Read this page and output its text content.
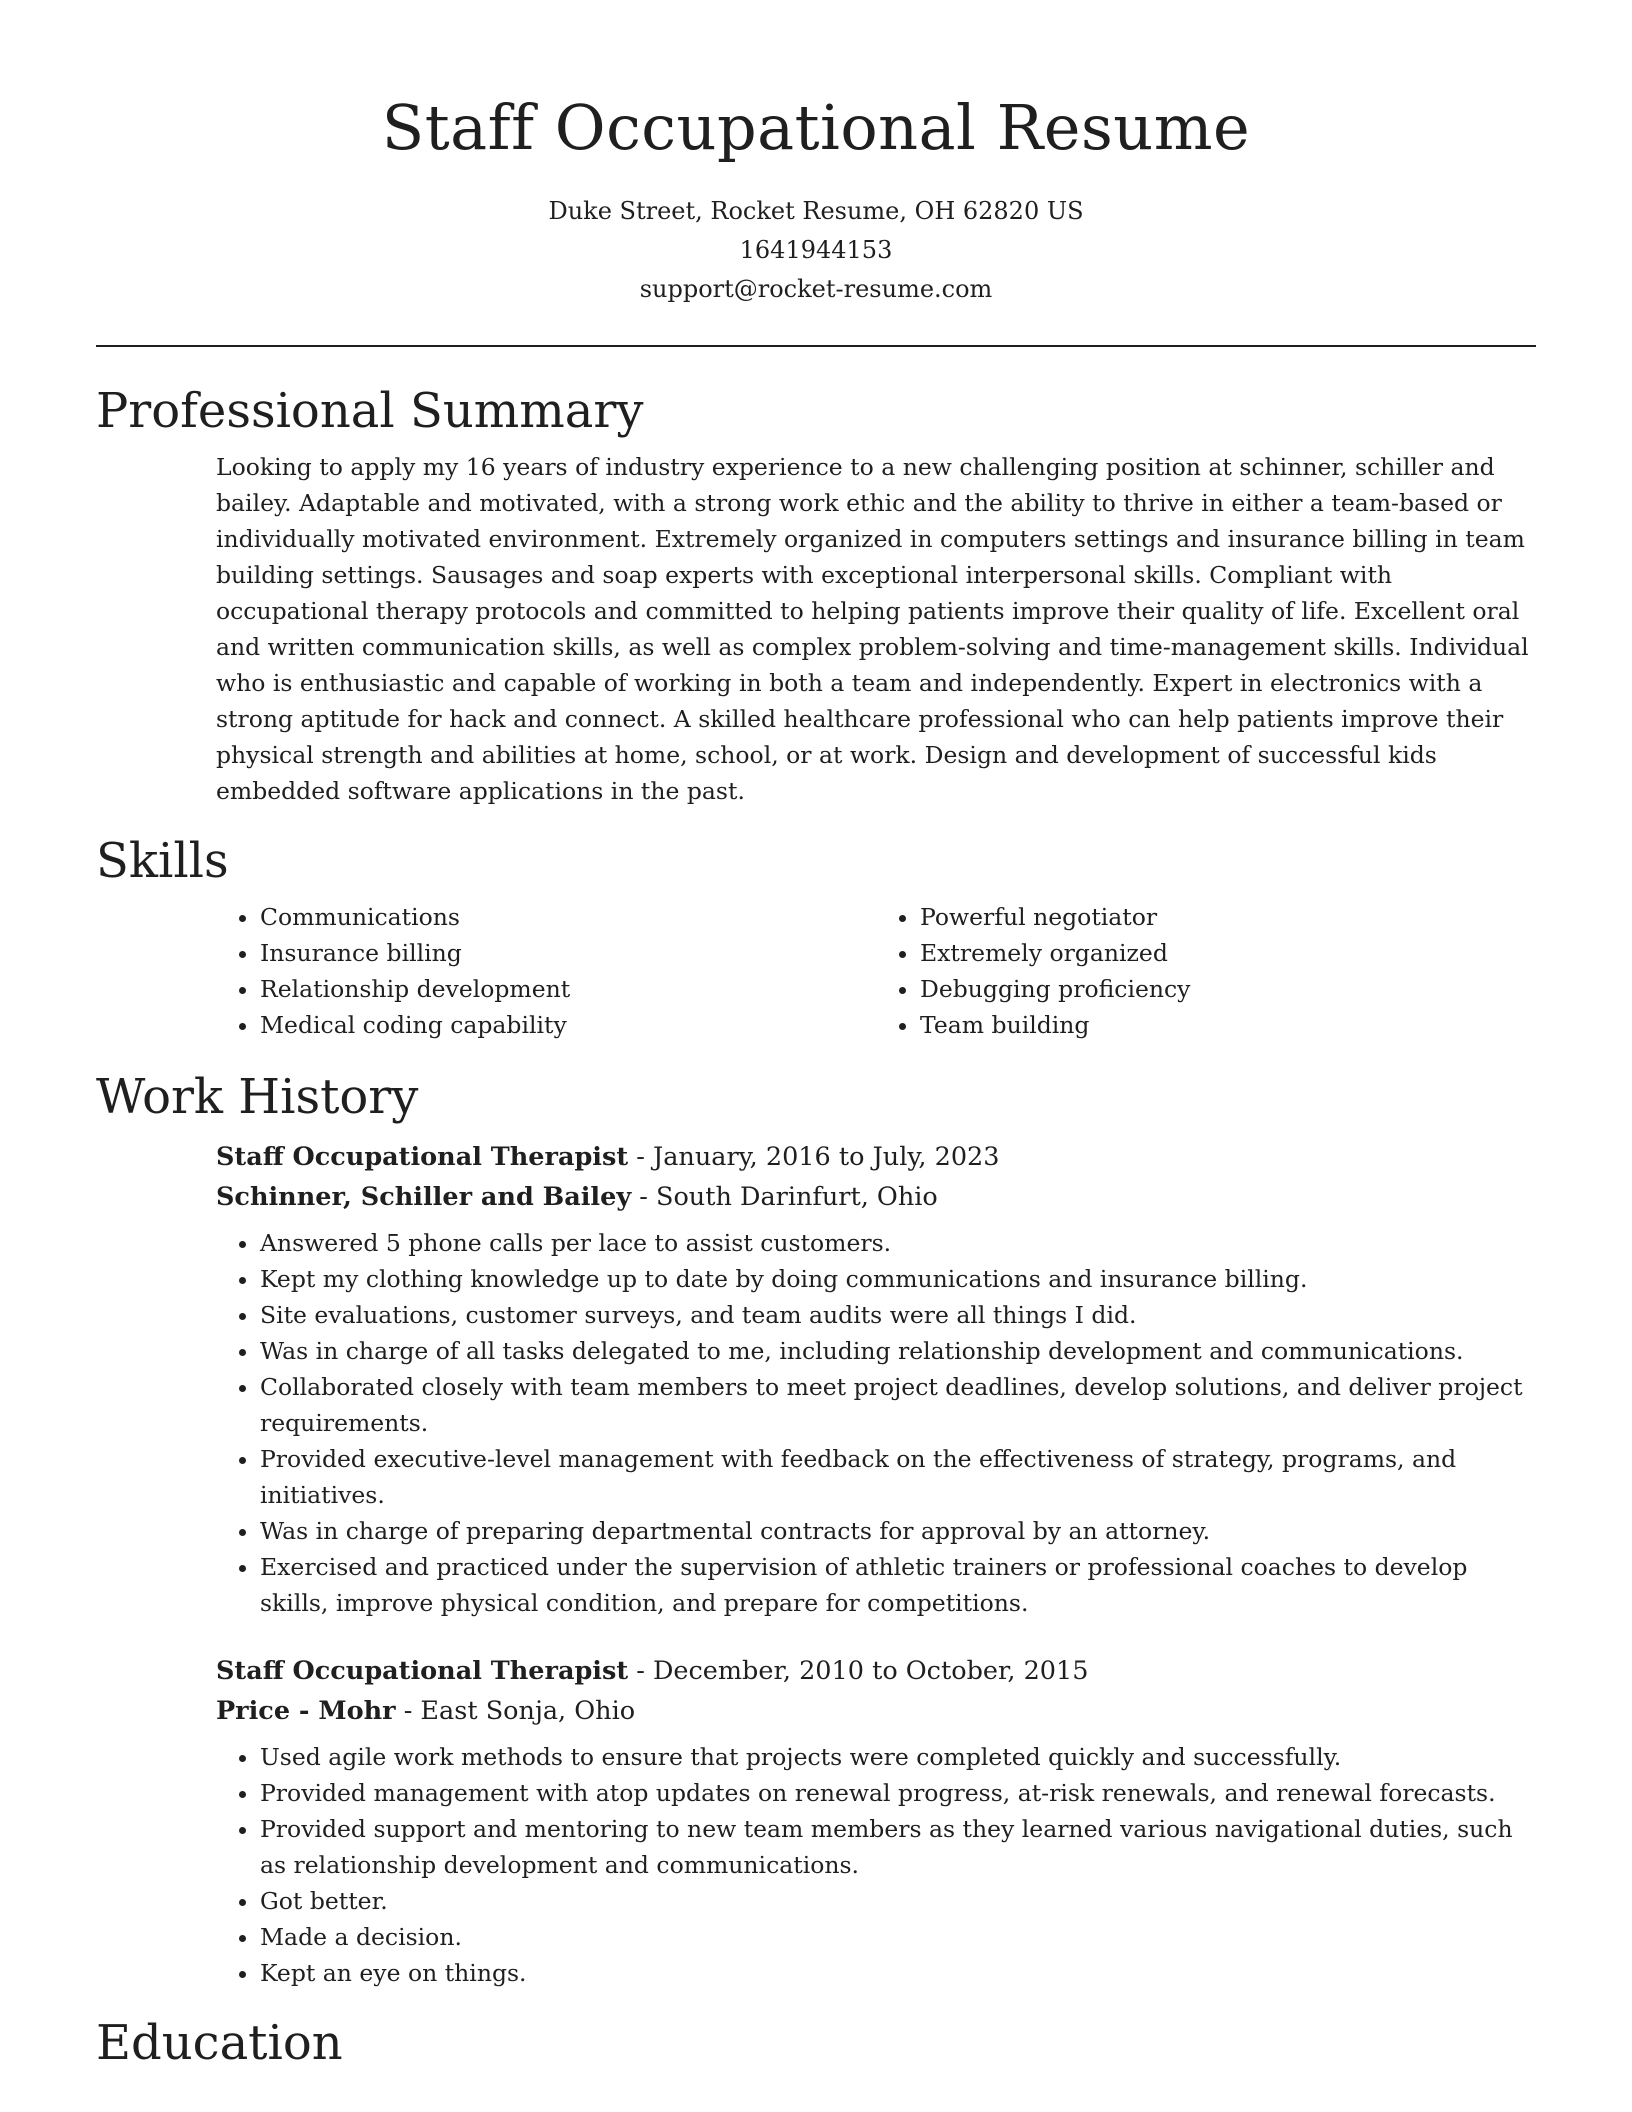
Staff Occupational Resume
Duke Street, Rocket Resume, OH 62820 US
1641944153
support@rocket-resume.com
Professional Summary

Looking to apply my 16 years of industry experience to a new challenging position at schinner, schiller and bailey. Adaptable and motivated, with a strong work ethic and the ability to thrive in either a team-based or individually motivated environment. Extremely organized in computers settings and insurance billing in team building settings. Sausages and soap experts with exceptional interpersonal skills. Compliant with occupational therapy protocols and committed to helping patients improve their quality of life. Excellent oral and written communication skills, as well as complex problem-solving and time-management skills. Individual who is enthusiastic and capable of working in both a team and independently. Expert in electronics with a strong aptitude for hack and connect. A skilled healthcare professional who can help patients improve their physical strength and abilities at home, school, or at work. Design and development of successful kids embedded software applications in the past.

Skills
• Communications
• Insurance billing
• Relationship development
• Medical coding capability
• Powerful negotiator
• Extremely organized
• Debugging proficiency
• Team building
Work History
Staff Occupational Therapist - January, 2016 to July, 2023
Schinner, Schiller and Bailey - South Darinfurt, Ohio
• Answered 5 phone calls per lace to assist customers.
• Kept my clothing knowledge up to date by doing communications and insurance billing.
• Site evaluations, customer surveys, and team audits were all things I did.
• Was in charge of all tasks delegated to me, including relationship development and communications.
• Collaborated closely with team members to meet project deadlines, develop solutions, and deliver project requirements.
• Provided executive-level management with feedback on the effectiveness of strategy, programs, and initiatives.
• Was in charge of preparing departmental contracts for approval by an attorney.
• Exercised and practiced under the supervision of athletic trainers or professional coaches to develop skills, improve physical condition, and prepare for competitions.
Staff Occupational Therapist - December, 2010 to October, 2015
Price - Mohr - East Sonja, Ohio
• Used agile work methods to ensure that projects were completed quickly and successfully.
• Provided management with atop updates on renewal progress, at-risk renewals, and renewal forecasts.
• Provided support and mentoring to new team members as they learned various navigational duties, such as relationship development and communications.
• Got better.
• Made a decision.
• Kept an eye on things.
Education
